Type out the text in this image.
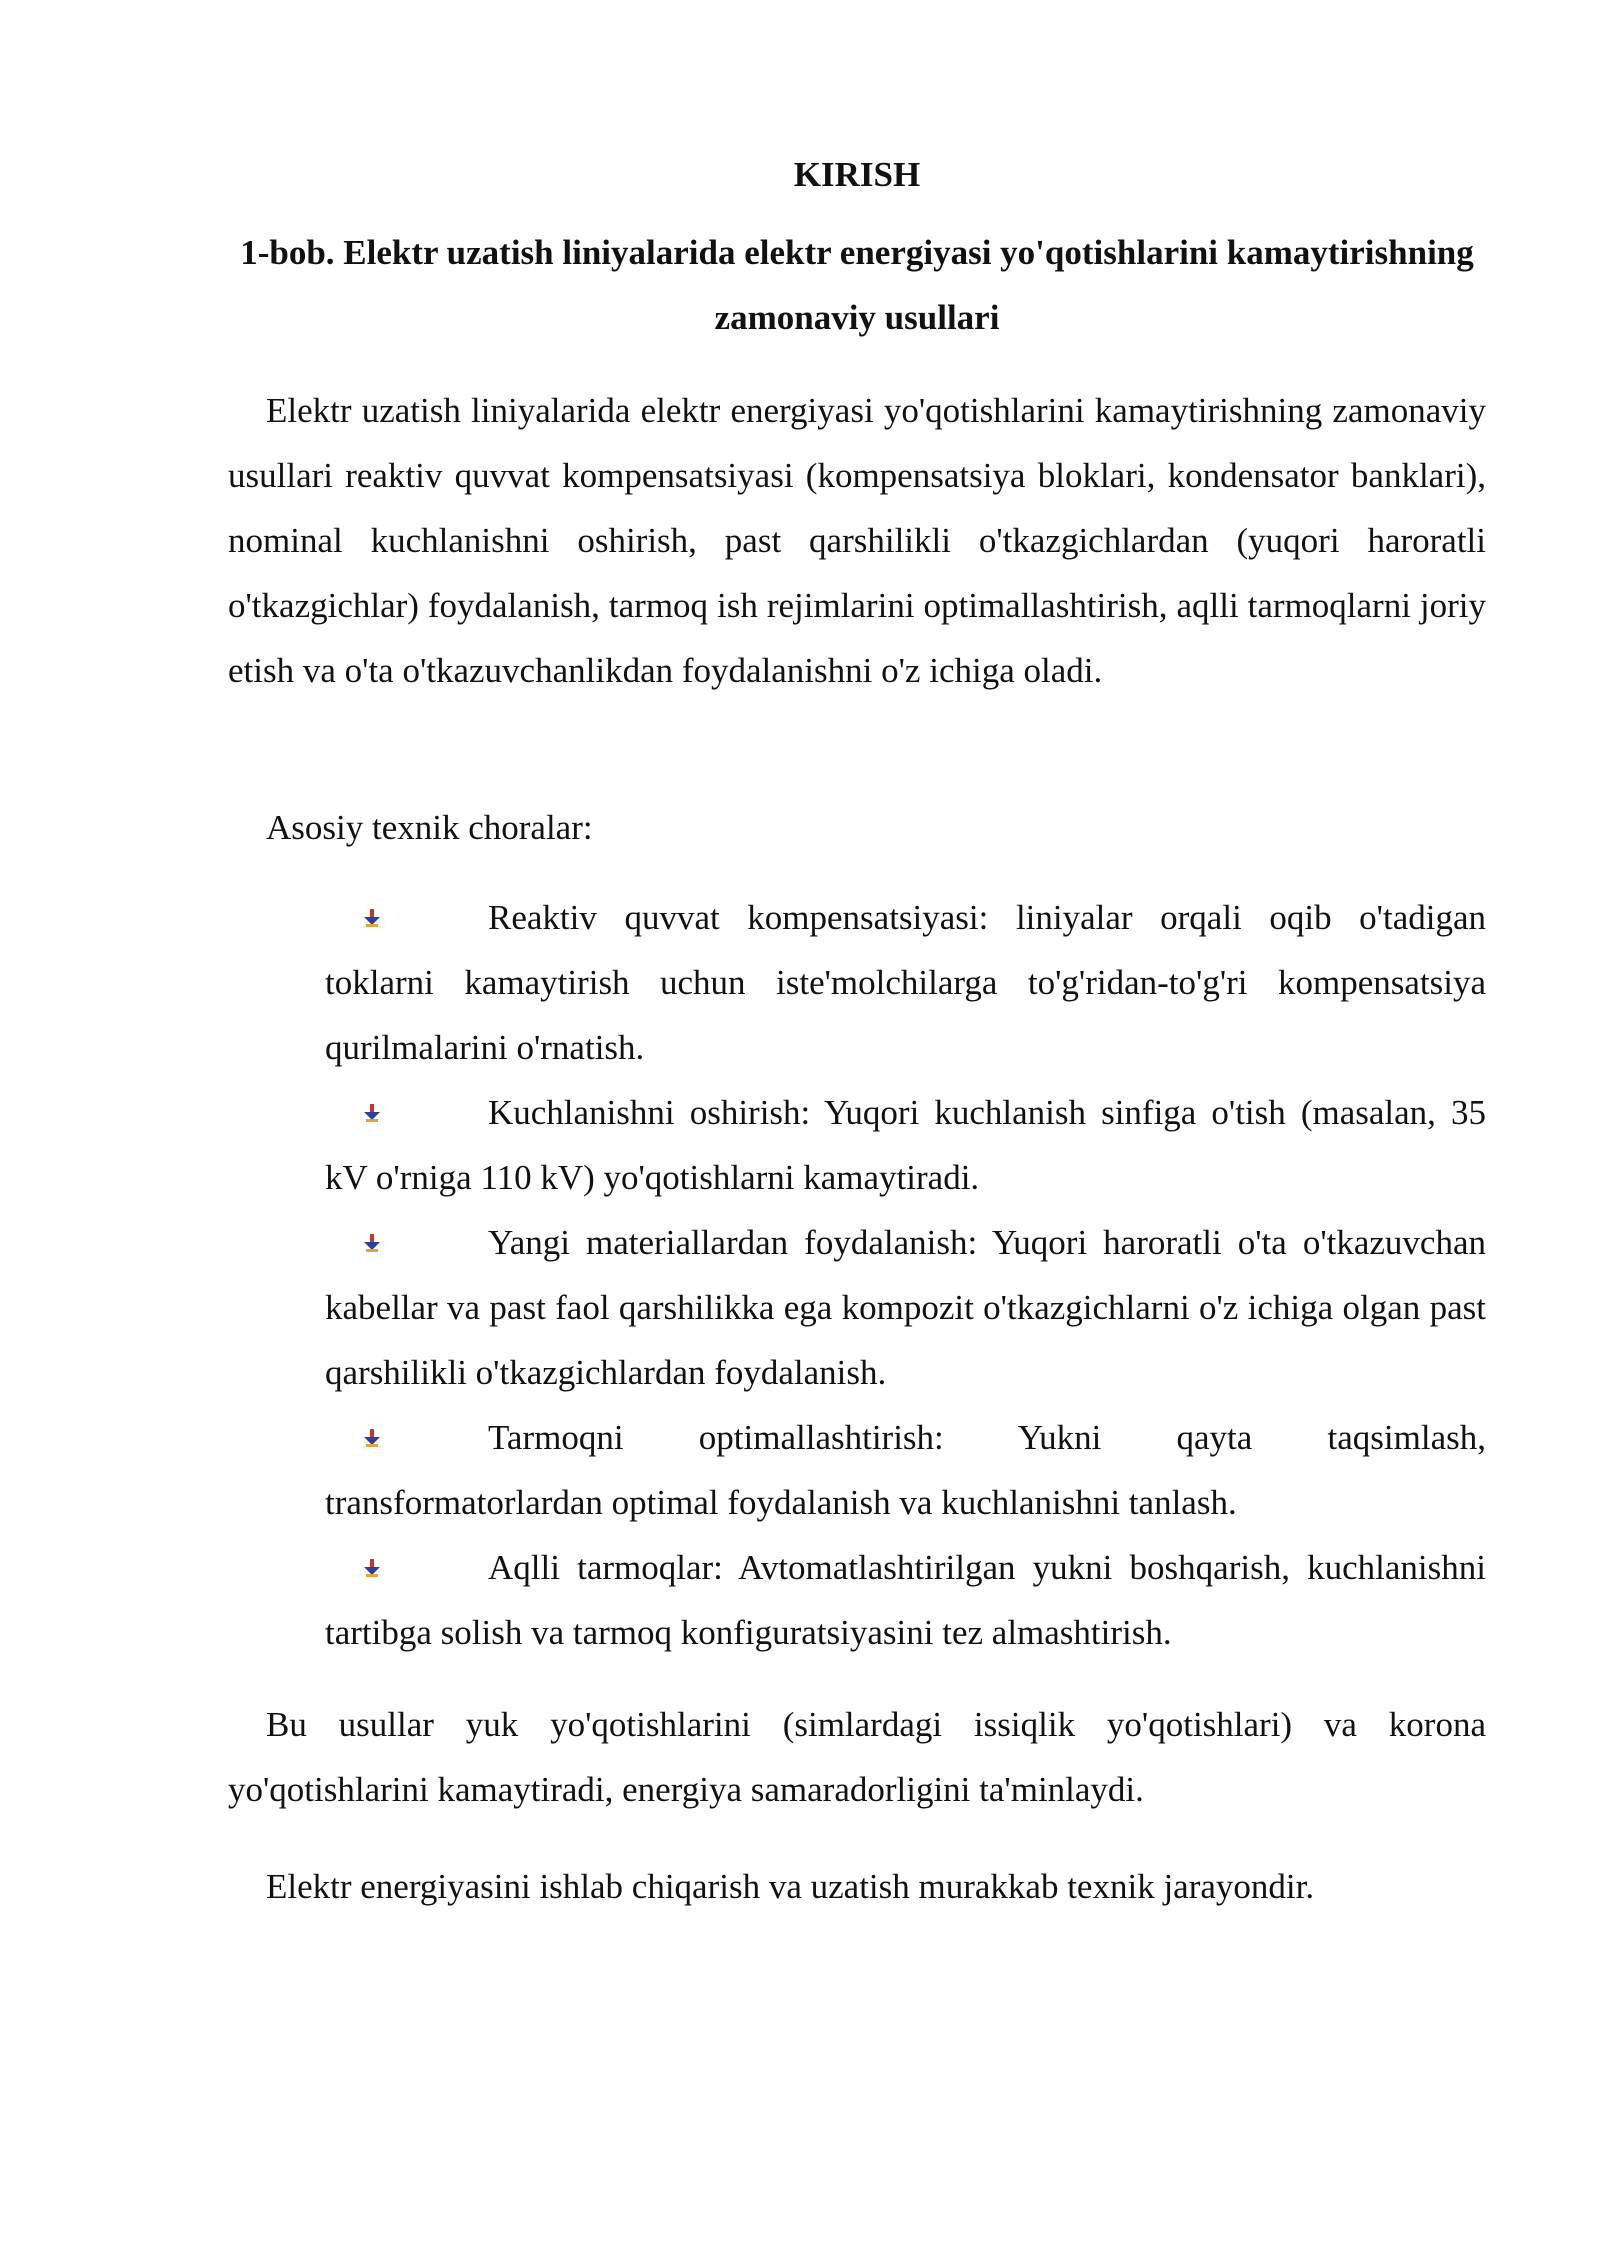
KIRISH
1-bob. Elektr uzatish liniyalarida elektr energiyasi yo'qotishlarini kamaytirishning zamonaviy usullari

Elektr uzatish liniyalarida elektr energiyasi yo'qotishlarini kamaytirishning zamonaviy usullari reaktiv quvvat kompensatsiyasi (kompensatsiya bloklari, kondensator banklari), nominal kuchlanishni oshirish, past qarshilikli o'tkazgichlardan (yuqori haroratli o'tkazgichlar) foydalanish, tarmoq ish rejimlarini optimallashtirish, aqlli tarmoqlarni joriy etish va o'ta o'tkazuvchanlikdan foydalanishni o'z ichiga oladi.

Asosiy texnik choralar:

Reaktiv quvvat kompensatsiyasi: liniyalar orqali oqib o'tadigan toklarni kamaytirish uchun iste'molchilarga to'g'ridan-to'g'ri kompensatsiya qurilmalarini o'rnatish.
Kuchlanishni oshirish: Yuqori kuchlanish sinfiga o'tish (masalan, 35 kV o'rniga 110 kV) yo'qotishlarni kamaytiradi.
Yangi materiallardan foydalanish: Yuqori haroratli o'ta o'tkazuvchan kabellar va past faol qarshilikka ega kompozit o'tkazgichlarni o'z ichiga olgan past qarshilikli o'tkazgichlardan foydalanish.
Tarmoqni optimallashtirish: Yukni qayta taqsimlash, transformatorlardan optimal foydalanish va kuchlanishni tanlash.
Aqlli tarmoqlar: Avtomatlashtirilgan yukni boshqarish, kuchlanishni tartibga solish va tarmoq konfiguratsiyasini tez almashtirish.

Bu usullar yuk yo'qotishlarini (simlardagi issiqlik yo'qotishlari) va korona yo'qotishlarini kamaytiradi, energiya samaradorligini ta'minlaydi.

Elektr energiyasini ishlab chiqarish va uzatish murakkab texnik jarayondir.
